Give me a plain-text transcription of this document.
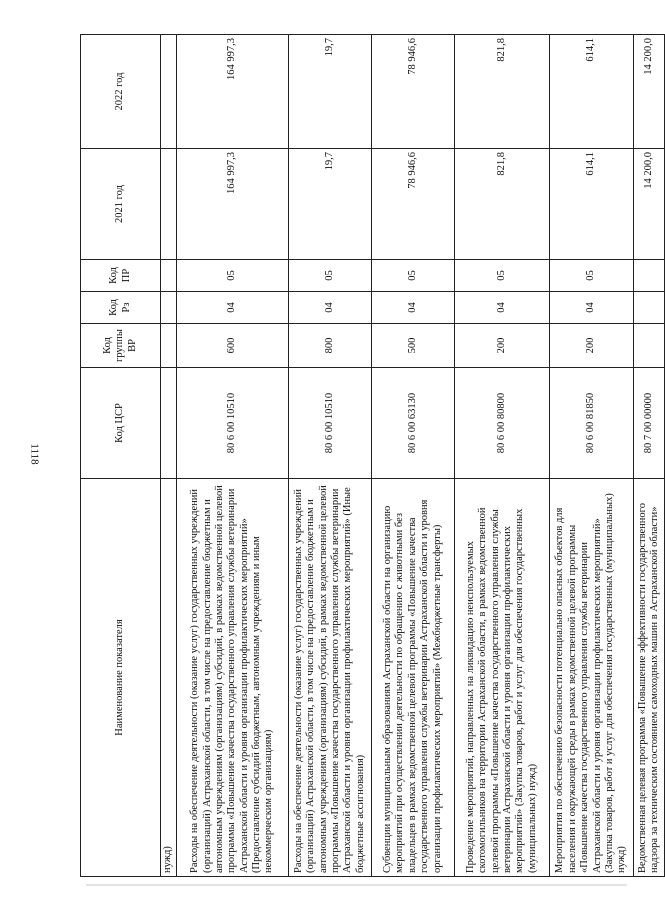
1118
Наименование показателя	Код ЦСР	Код группы ВР	Код Рз	Код ПР	2021 год	2022 год
нужд)						
Расходы на обеспечение деятельности (оказание услуг) государственных учреждений (организаций) Астраханской области, в том числе на предоставление бюджетным и автономным учреждениям (организациям) субсидий, в рамках ведомственной целевой программы «Повышение качества государственного управления службы ветеринарии Астраханской области и уровня организации профилактических мероприятий» (Предоставление субсидий бюджетным, автономным учреждениям и иным некоммерческим организациям)	80 6 00 10510	600	04	05	164 997,3	164 997,3
Расходы на обеспечение деятельности (оказание услуг) государственных учреждений (организаций) Астраханской области, в том числе на предоставление бюджетным и автономным учреждениям (организациям) субсидий, в рамках ведомственной целевой программы «Повышение качества государственного управления службы ветеринарии Астраханской области и уровня организации профилактических мероприятий» (Иные бюджетные ассигнования)	80 6 00 10510	800	04	05	19,7	19,7
Субвенции муниципальным образованиям Астраханской области на организацию мероприятий при осуществлении деятельности по обращению с животными без владельцев в рамках ведомственной целевой программы «Повышение качества государственного управления службы ветеринарии Астраханской области и уровня организации профилактических мероприятий» (Межбюджетные трансферты)	80 6 00 63130	500	04	05	78 946,6	78 946,6
Проведение мероприятий, направленных на ликвидацию неиспользуемых скотомогильников на территории Астраханской области, в рамках ведомственной целевой программы «Повышение качества государственного управления службы ветеринарии Астраханской области и уровня организации профилактических мероприятий» (Закупка товаров, работ и услуг для обеспечения государственных (муниципальных) нужд)	80 6 00 80800	200	04	05	821,8	821,8
Мероприятия по обеспечению безопасности потенциально опасных объектов для населения и окружающей среды в рамках ведомственной целевой программы «Повышение качества государственного управления службы ветеринарии Астраханской области и уровня организации профилактических мероприятий» (Закупка товаров, работ и услуг для обеспечения государственных (муниципальных) нужд)	80 6 00 81850	200	04	05	614,1	614,1
Ведомственная целевая программа «Повышение эффективности государственного надзора за техническим состоянием самоходных машин в Астраханской области»	80 7 00 00000				14 200,0	14 200,0
